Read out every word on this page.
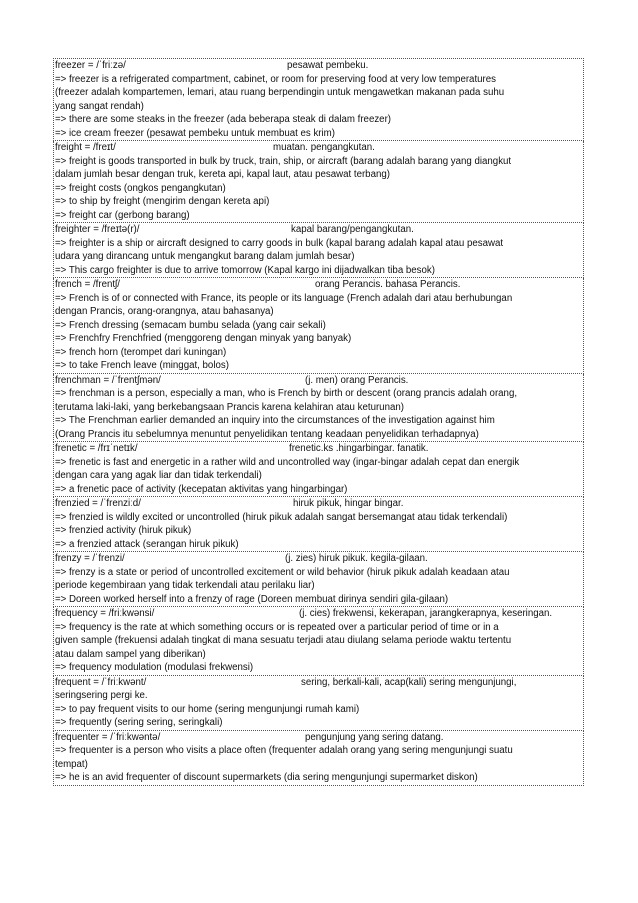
freezer = /ˈfriːzə/	pesawat pembeku.
=> freezer is a refrigerated compartment, cabinet, or room for preserving food at very low temperatures
(freezer adalah kompartemen, lemari, atau ruang berpendingin untuk mengawetkan makanan pada suhu
yang sangat rendah)
=> there are some steaks in the freezer (ada beberapa steak di dalam freezer)
=> ice cream freezer (pesawat pembeku untuk membuat es krim)
freight = /freɪt/	muatan. pengangkutan.
=> freight is goods transported in bulk by truck, train, ship, or aircraft (barang adalah barang yang diangkut
dalam jumlah besar dengan truk, kereta api, kapal laut, atau pesawat terbang)
=> freight costs (ongkos pengangkutan)
=> to ship by freight (mengirim dengan kereta api)
=> freight car (gerbong barang)
freighter = /freɪtə(r)/	kapal barang/pengangkutan.
=> freighter is a ship or aircraft designed to carry goods in bulk (kapal barang adalah kapal atau pesawat
udara yang dirancang untuk mengangkut barang dalam jumlah besar)
=> This cargo freighter is due to arrive tomorrow (Kapal kargo ini dijadwalkan tiba besok)
french = /frentʃ/	orang Perancis. bahasa Perancis.
=> French is of or connected with France, its people or its language (French adalah dari atau berhubungan
dengan Prancis, orang-orangnya, atau bahasanya)
=> French dressing (semacam bumbu selada (yang cair sekali)
=> Frenchfry Frenchfried (menggoreng dengan minyak yang banyak)
=> french horn (terompet dari kuningan)
=> to take French leave (minggat, bolos)
frenchman = /ˈfrentʃmən/	(j. men) orang Perancis.
=> frenchman is a person, especially a man, who is French by birth or descent (orang prancis adalah orang,
terutama laki-laki, yang berkebangsaan Prancis karena kelahiran atau keturunan)
=> The Frenchman earlier demanded an inquiry into the circumstances of the investigation against him
(Orang Prancis itu sebelumnya menuntut penyelidikan tentang keadaan penyelidikan terhadapnya)
frenetic = /frɪˈnetɪk/	frenetic.ks .hingarbingar. fanatik.
=> frenetic is fast and energetic in a rather wild and uncontrolled way (ingar-bingar adalah cepat dan energik
dengan cara yang agak liar dan tidak terkendali)
=> a frenetic pace of activity (kecepatan aktivitas yang hingarbingar)
frenzied = /ˈfrenziːd/	hiruk pikuk, hingar bingar.
=> frenzied is wildly excited or uncontrolled (hiruk pikuk adalah sangat bersemangat atau tidak terkendali)
=> frenzied activity (hiruk pikuk)
=> a frenzied attack (serangan hiruk pikuk)
frenzy = /ˈfrenzi/	(j. zies) hiruk pikuk. kegila-gilaan.
=> frenzy is a state or period of uncontrolled excitement or wild behavior (hiruk pikuk adalah keadaan atau
periode kegembiraan yang tidak terkendali atau perilaku liar)
=> Doreen worked herself into a frenzy of rage (Doreen membuat dirinya sendiri gila-gilaan)
frequency = /friːkwənsi/	(j. cies) frekwensi, kekerapan, jarangkerapnya, keseringan.
=> frequency is the rate at which something occurs or is repeated over a particular period of time or in a
given sample (frekuensi adalah tingkat di mana sesuatu terjadi atau diulang selama periode waktu tertentu
atau dalam sampel yang diberikan)
=> frequency modulation (modulasi frekwensi)
frequent = /ˈfriːkwənt/	sering, berkali-kali, acap(kali) sering mengunjungi,
seringsering pergi ke.
=> to pay frequent visits to our home (sering mengunjungi rumah kami)
=> frequently (sering sering, seringkali)
frequenter = /ˈfriːkwəntə/	pengunjung yang sering datang.
=> frequenter is a person who visits a place often (frequenter adalah orang yang sering mengunjungi suatu
tempat)
=> he is an avid frequenter of discount supermarkets (dia sering mengunjungi supermarket diskon)
